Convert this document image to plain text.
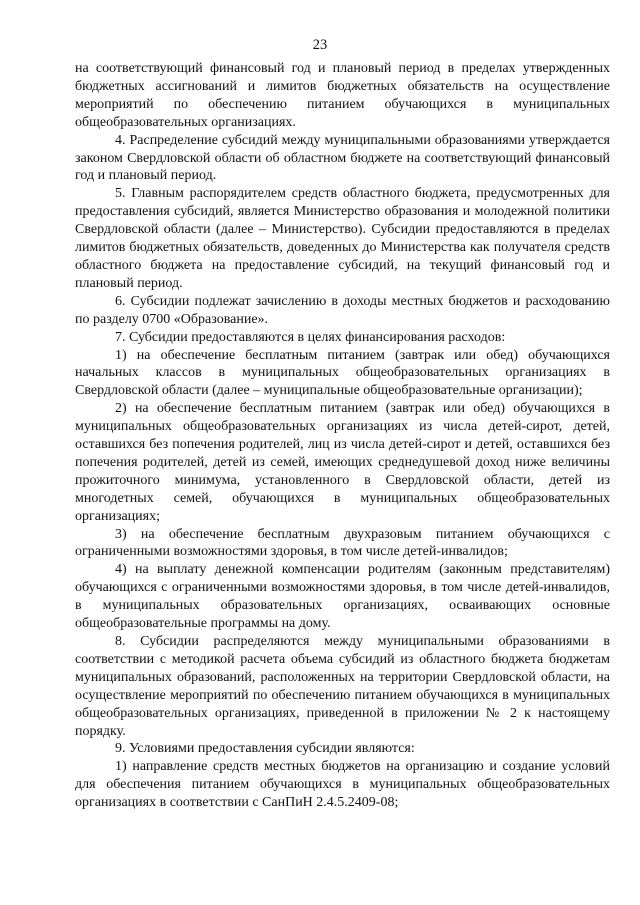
23

на соответствующий финансовый год и плановый период в пределах утвержденных бюджетных ассигнований и лимитов бюджетных обязательств на осуществление мероприятий по обеспечению питанием обучающихся в муниципальных общеобразовательных организациях.

4. Распределение субсидий между муниципальными образованиями утверждается законом Свердловской области об областном бюджете на соответствующий финансовый год и плановый период.

5. Главным распорядителем средств областного бюджета, предусмотренных для предоставления субсидий, является Министерство образования и молодежной политики Свердловской области (далее – Министерство). Субсидии предоставляются в пределах лимитов бюджетных обязательств, доведенных до Министерства как получателя средств областного бюджета на предоставление субсидий, на текущий финансовый год и плановый период.

6. Субсидии подлежат зачислению в доходы местных бюджетов и расходованию по разделу 0700 «Образование».

7. Субсидии предоставляются в целях финансирования расходов:

1) на обеспечение бесплатным питанием (завтрак или обед) обучающихся начальных классов в муниципальных общеобразовательных организациях в Свердловской области (далее – муниципальные общеобразовательные организации);

2) на обеспечение бесплатным питанием (завтрак или обед) обучающихся в муниципальных общеобразовательных организациях из числа детей-сирот, детей, оставшихся без попечения родителей, лиц из числа детей-сирот и детей, оставшихся без попечения родителей, детей из семей, имеющих среднедушевой доход ниже величины прожиточного минимума, установленного в Свердловской области, детей из многодетных семей, обучающихся в муниципальных общеобразовательных организациях;

3) на обеспечение бесплатным двухразовым питанием обучающихся с ограниченными возможностями здоровья, в том числе детей-инвалидов;

4) на выплату денежной компенсации родителям (законным представителям) обучающихся с ограниченными возможностями здоровья, в том числе детей-инвалидов, в муниципальных образовательных организациях, осваивающих основные общеобразовательные программы на дому.

8. Субсидии распределяются между муниципальными образованиями в соответствии с методикой расчета объема субсидий из областного бюджета бюджетам муниципальных образований, расположенных на территории Свердловской области, на осуществление мероприятий по обеспечению питанием обучающихся в муниципальных общеобразовательных организациях, приведенной в приложении № 2 к настоящему порядку.

9. Условиями предоставления субсидии являются:

1) направление средств местных бюджетов на организацию и создание условий для обеспечения питанием обучающихся в муниципальных общеобразовательных организациях в соответствии с СанПиН 2.4.5.2409-08;
